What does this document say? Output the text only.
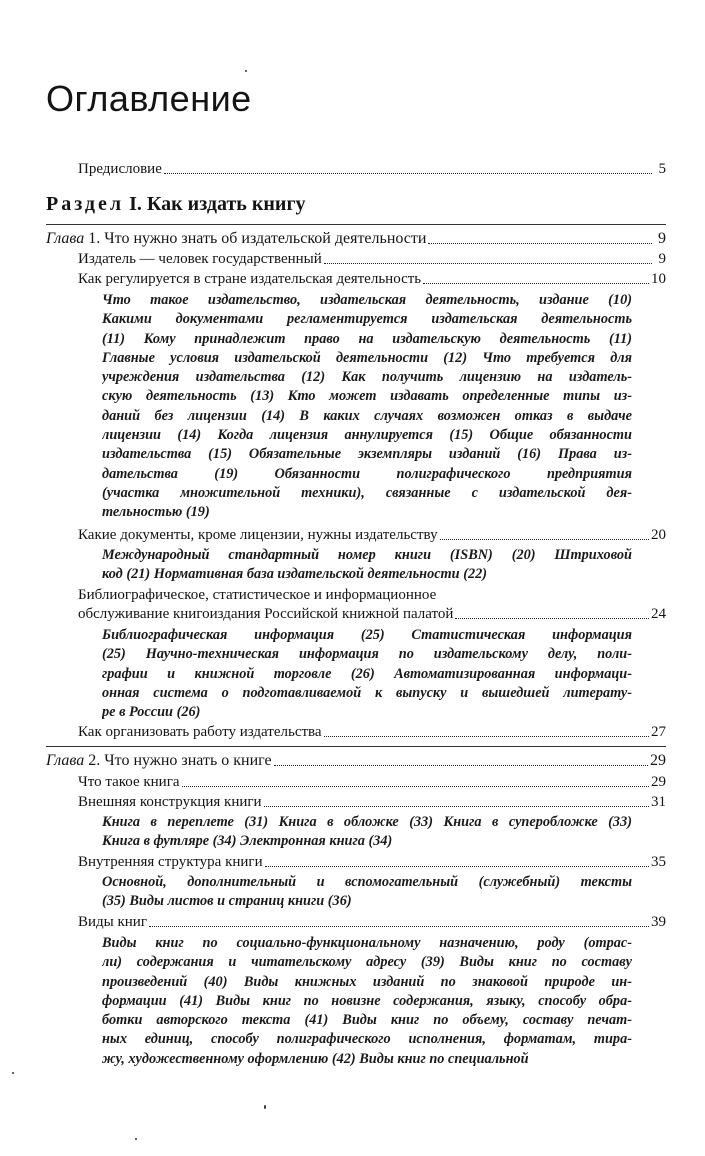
Оглавление
Предисловие	5
Раздел I. Как издать книгу
Глава 1. Что нужно знать об издательской деятельности	9
Издатель — человек государственный	9
Как регулируется в стране издательская деятельность	10
Что такое издательство, издательская деятельность, издание (10)
Какими документами регламентируется издательская деятельность
(11) Кому принадлежит право на издательскую деятельность (11)
Главные условия издательской деятельности (12) Что требуется для
учреждения издательства (12) Как получить лицензию на издатель-
скую деятельность (13) Кто может издавать определенные типы из-
даний без лицензии (14) В каких случаях возможен отказ в выдаче
лицензии (14) Когда лицензия аннулируется (15) Общие обязанности
издательства (15) Обязательные экземпляры изданий (16) Права из-
дательства (19) Обязанности полиграфического предприятия
(участка множительной техники), связанные с издательской дея-
тельностью (19)
Какие документы, кроме лицензии, нужны издательству	20
Международный стандартный номер книги (ISBN) (20) Штриховой
код (21) Нормативная база издательской деятельности (22)
Библиографическое, статистическое и информационное
обслуживание книгоиздания Российской книжной палатой	24
Библиографическая информация (25) Статистическая информация
(25) Научно-техническая информация по издательскому делу, поли-
графии и книжной торговле (26) Автоматизированная информаци-
онная система о подготавливаемой к выпуску и вышедшей литерату-
ре в России (26)
Как организовать работу издательства	27
Глава 2. Что нужно знать о книге	29
Что такое книга	29
Внешняя конструкция книги	31
Книга в переплете (31) Книга в обложке (33) Книга в суперобложке (33)
Книга в футляре (34) Электронная книга (34)
Внутренняя структура книги	35
Основной, дополнительный и вспомогательный (служебный) тексты
(35) Виды листов и страниц книги (36)
Виды книг	39
Виды книг по социально-функциональному назначению, роду (отрас-
ли) содержания и читательскому адресу (39) Виды книг по составу
произведений (40) Виды книжных изданий по знаковой природе ин-
формации (41) Виды книг по новизне содержания, языку, способу обра-
ботки авторского текста (41) Виды книг по объему, составу печат-
ных единиц, способу полиграфического исполнения, форматам, тира-
жу, художественному оформлению (42) Виды книг по специальной
